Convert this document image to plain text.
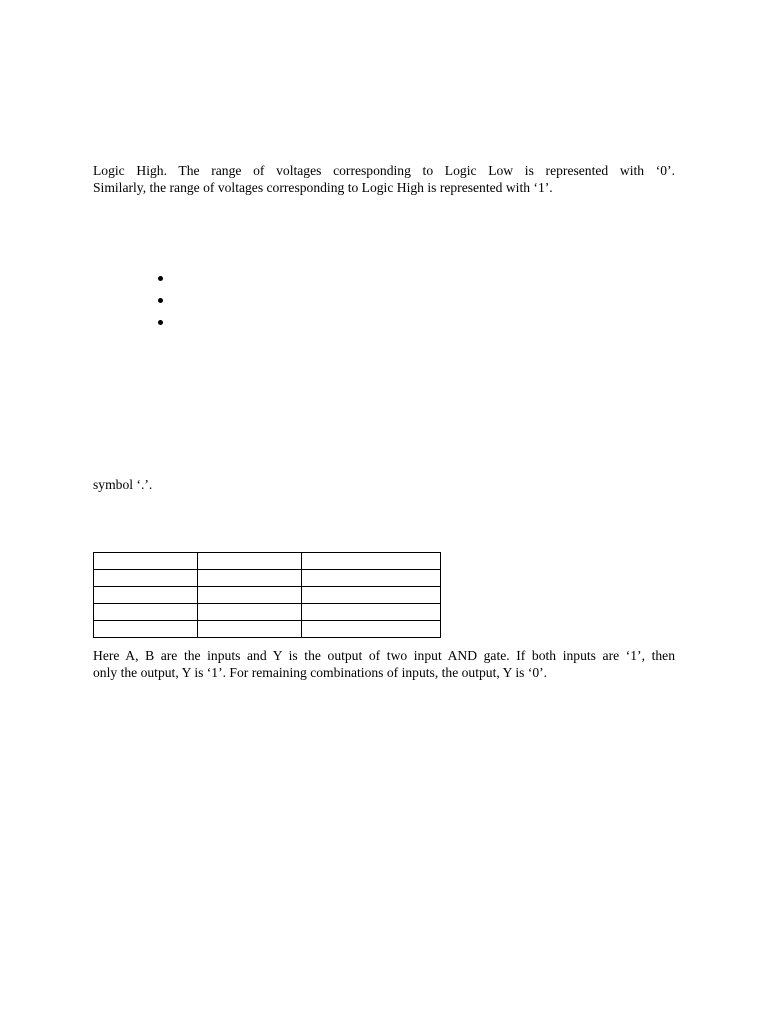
Logic High. The range of voltages corresponding to Logic Low is represented with ‘0’.
Similarly, the range of voltages corresponding to Logic High is represented with ‘1’.

symbol ‘.’.

Here A, B are the inputs and Y is the output of two input AND gate. If both inputs are ‘1’, then
only the output, Y is ‘1’. For remaining combinations of inputs, the output, Y is ‘0’.
